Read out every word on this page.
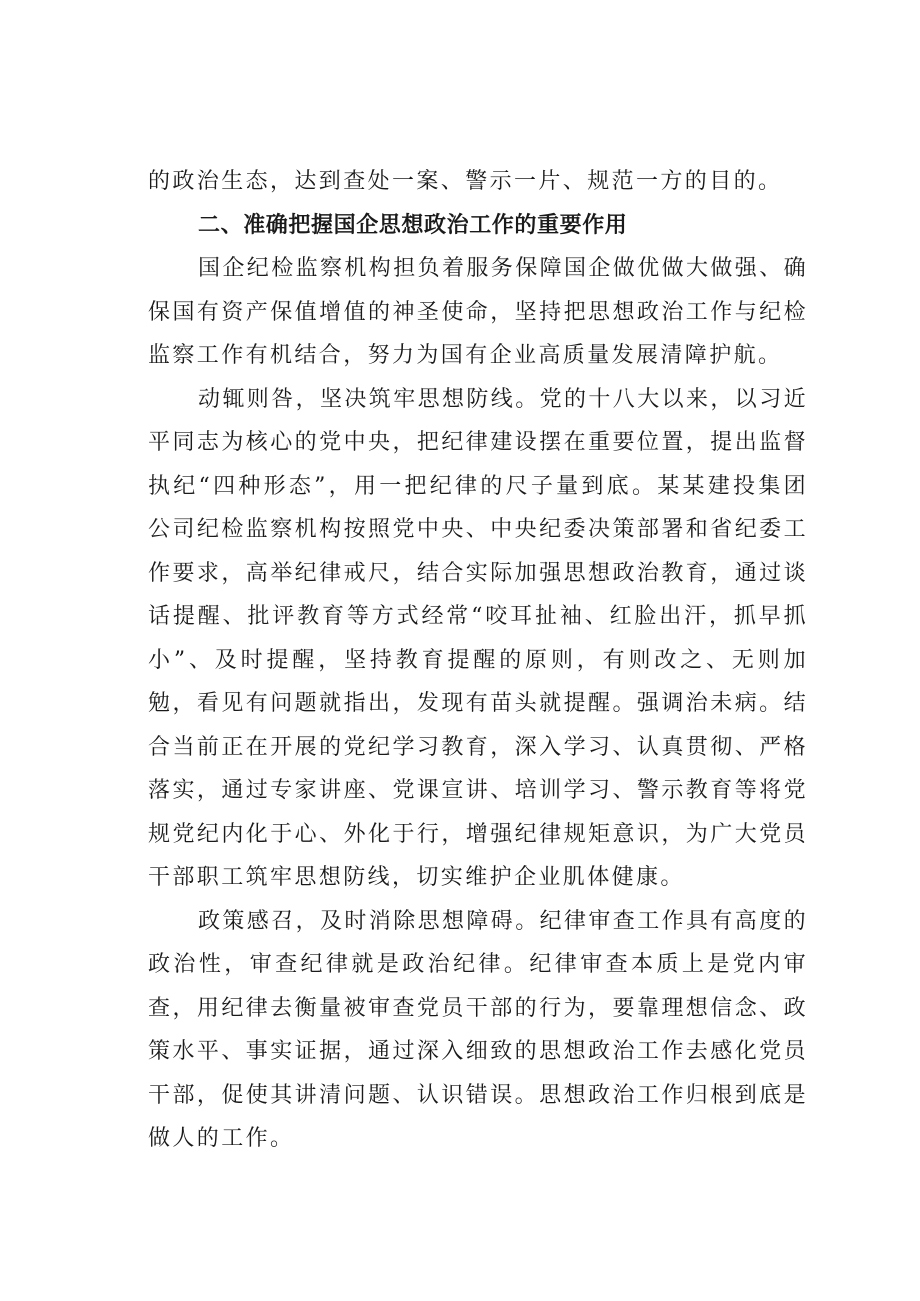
的政治生态，达到查处一案、警示一片、规范一方的目的。

二、准确把握国企思想政治工作的重要作用

国企纪检监察机构担负着服务保障国企做优做大做强、确保国有资产保值增值的神圣使命，坚持把思想政治工作与纪检监察工作有机结合，努力为国有企业高质量发展清障护航。

动辄则咎，坚决筑牢思想防线。党的十八大以来，以习近平同志为核心的党中央，把纪律建设摆在重要位置，提出监督执纪“四种形态”，用一把纪律的尺子量到底。某某建投集团公司纪检监察机构按照党中央、中央纪委决策部署和省纪委工作要求，高举纪律戒尺，结合实际加强思想政治教育，通过谈话提醒、批评教育等方式经常“咬耳扯袖、红脸出汗，抓早抓小”、及时提醒，坚持教育提醒的原则，有则改之、无则加勉，看见有问题就指出，发现有苗头就提醒。强调治未病。结合当前正在开展的党纪学习教育，深入学习、认真贯彻、严格落实，通过专家讲座、党课宣讲、培训学习、警示教育等将党规党纪内化于心、外化于行，增强纪律规矩意识，为广大党员干部职工筑牢思想防线，切实维护企业肌体健康。

政策感召，及时消除思想障碍。纪律审查工作具有高度的政治性，审查纪律就是政治纪律。纪律审查本质上是党内审查，用纪律去衡量被审查党员干部的行为，要靠理想信念、政策水平、事实证据，通过深入细致的思想政治工作去感化党员干部，促使其讲清问题、认识错误。思想政治工作归根到底是做人的工作。
